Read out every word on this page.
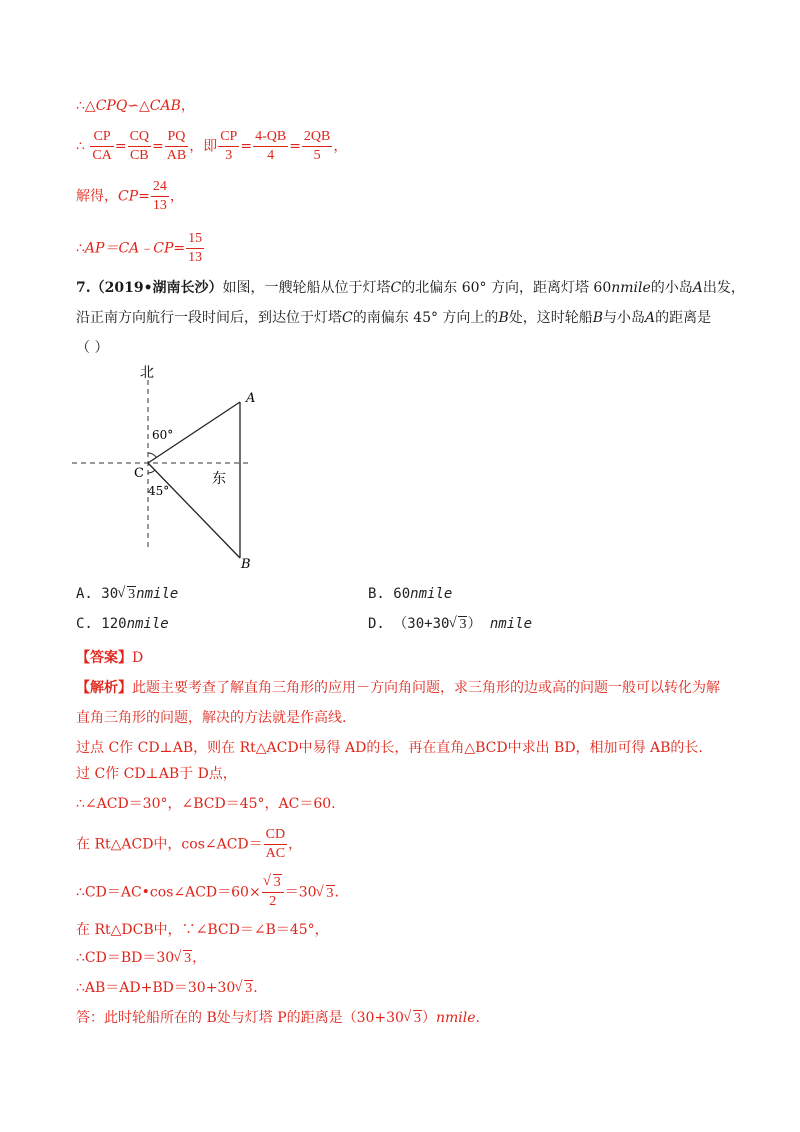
∴△CPQ∽△CAB，
∴ $\frac{CP}{CA} = \frac{CQ}{CB} = \frac{PQ}{AB}$ ，即 $\frac{CP}{3} = \frac{4-QB}{4} = \frac{2QB}{5}$ ，
解得，$CP= \frac{24}{13}$ ，
∴AP＝CA﹣CP= $\frac{15}{13}$
7.（2019•湖南长沙）如图，一艘轮船从位于灯塔C的北偏东 60° 方向，距离灯塔 60nmile的小岛A出发，
沿正南方向航行一段时间后，到达位于灯塔C的南偏东 45° 方向上的B处，这时轮船B与小岛A的距离是
（ ）
北
东
A
B
C
60°
45°
A. 30√ 3nmile	B. 60nmile
C. 120nmile	D. （30+30√ 3） nmile
【答案】D
【解析】此题主要考查了解直角三角形的应用－方向角问题，求三角形的边或高的问题一般可以转化为解
直角三角形的问题，解决的方法就是作高线.
过点 C作 CD⊥AB，则在 Rt△ACD中易得 AD的长，再在直角△BCD中求出 BD，相加可得 AB的长.
过 C作 CD⊥AB于 D点，
∴∠ACD＝30°，∠BCD＝45°，AC＝60.
在 Rt△ACD中，cos∠ACD＝ $\frac{CD}{AC}$ ，
∴CD＝AC•cos∠ACD＝60×
√ $\frac{3}{2} =30√$ 3.
在 Rt△DCB中，∵∠BCD＝∠B＝45°，
∴CD＝BD＝30√ 3，
∴AB＝AD+BD＝30+30√ 3.
答：此时轮船所在的 B处与灯塔 P的距离是（30+30√ 3）nmile.
